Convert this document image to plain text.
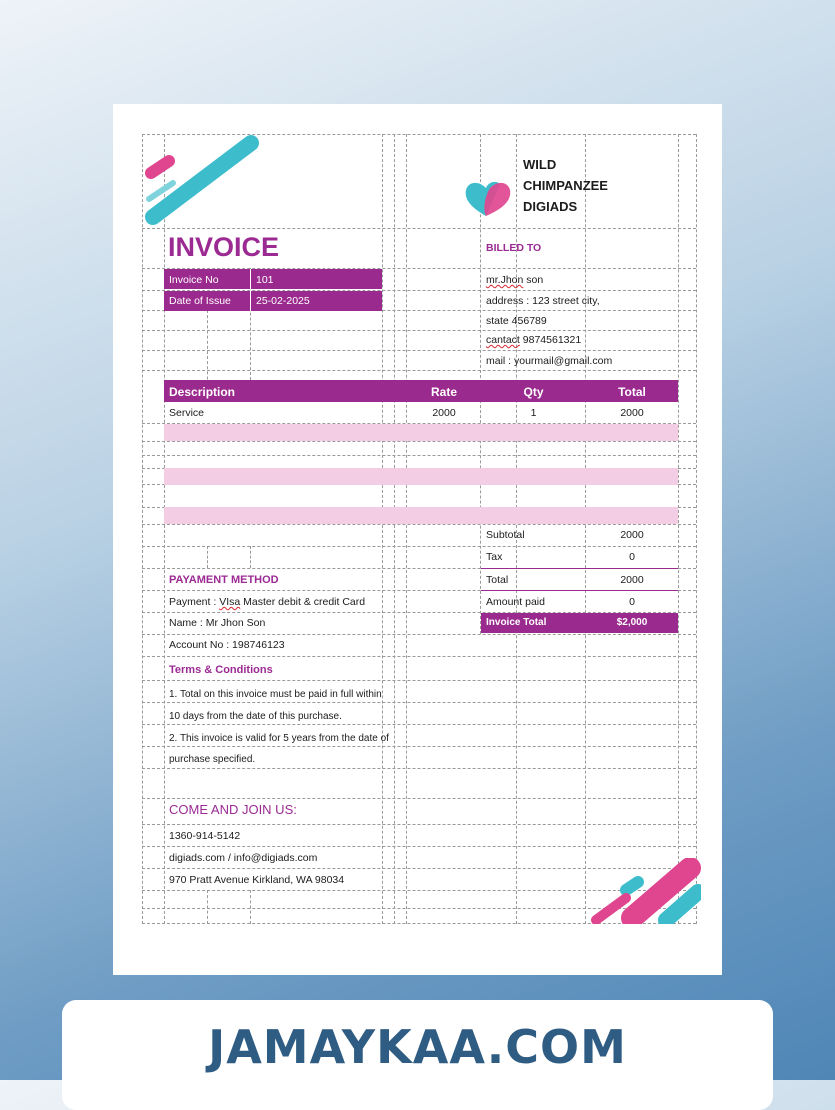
WILD
CHIMPANZEE
DIGIADS
INVOICE
Invoice No	101
Date of Issue 25-02-2025
BILLED TO
mr.Jhon son
address : 123 street city,
state 456789
cantact 9874561321
mail : yourmail@gmail.com
Description	Rate	Qty	Total
Service	2000	1	2000
Subtotal	2000
Tax	0
Total	2000
Amount paid	0
Invoice Total	$2,000
PAYAMENT METHOD
Payment : VIsa Master debit & credit Card
Name : Mr Jhon Son
Account No : 198746123
Terms & Conditions
1. Total on this invoice must be paid in full within
10 days from the date of this purchase.
2. This invoice is valid for 5 years from the date of
purchase specified.
COME AND JOIN US:
1360-914-5142
digiads.com / info@digiads.com
970 Pratt Avenue Kirkland, WA 98034
JAMAYKAA.COM
